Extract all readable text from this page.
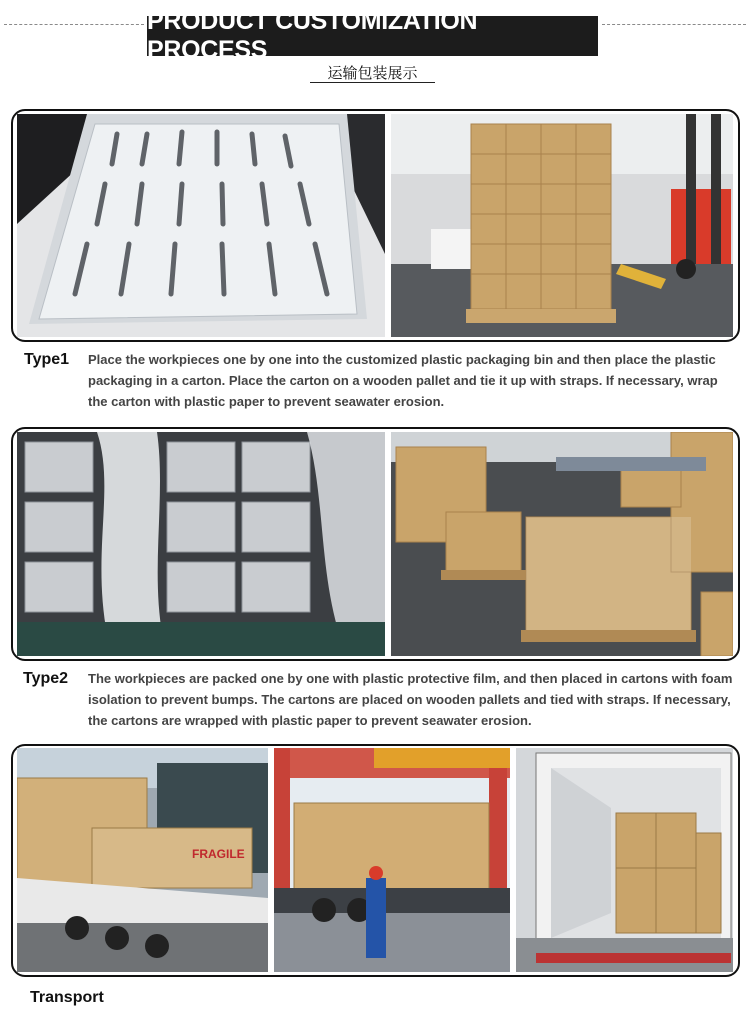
PRODUCT CUSTOMIZATION PROCESS
运输包装展示
Type1 Place the workpieces one by one into the customized plastic packaging bin and then place the plastic packaging in a carton. Place the carton on a wooden pallet and tie it up with straps. If necessary, wrap the carton with plastic paper to prevent seawater erosion.
Type2 The workpieces are packed one by one with plastic protective film, and then placed in cartons with foam isolation to prevent bumps. The cartons are placed on wooden pallets and tied with straps. If necessary, the cartons are wrapped with plastic paper to prevent seawater erosion.
FRAGILE
Transport
